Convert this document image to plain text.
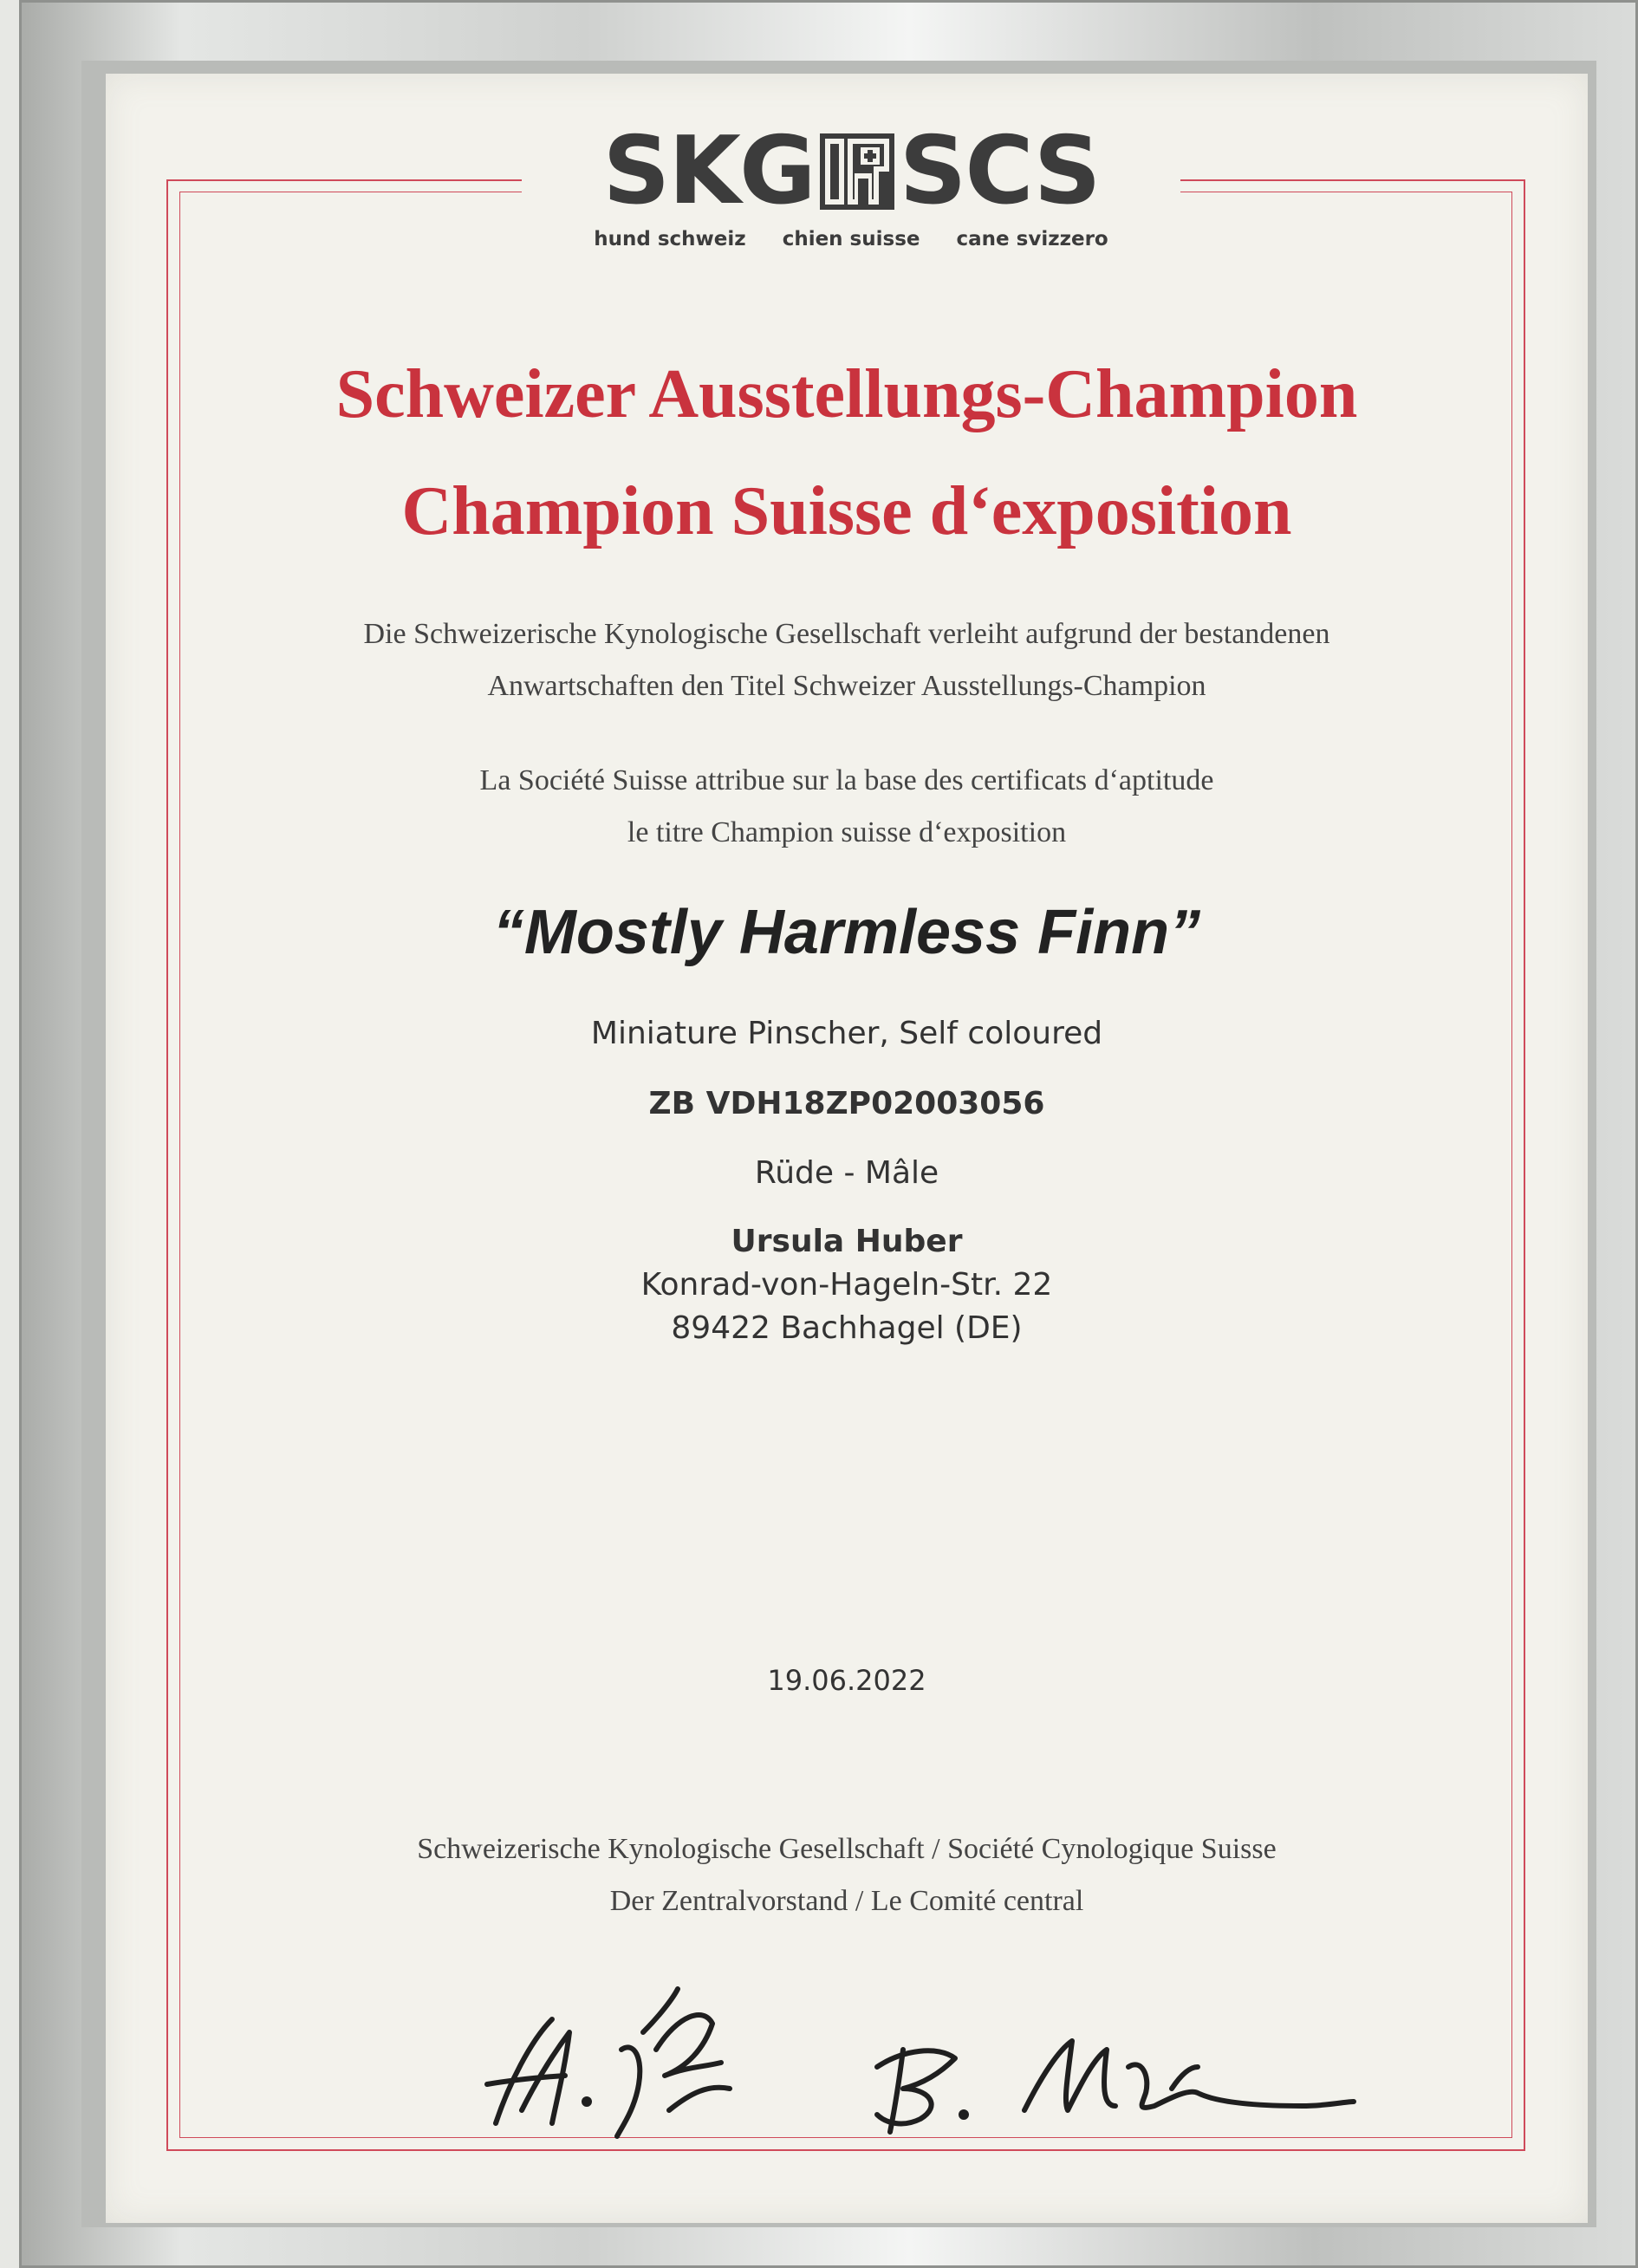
SKG SCS
hund schweiz chien suisse cane svizzero
Schweizer Ausstellungs-Champion
Champion Suisse d‘exposition
Die Schweizerische Kynologische Gesellschaft verleiht aufgrund der bestandenen
Anwartschaften den Titel Schweizer Ausstellungs-Champion
La Société Suisse attribue sur la base des certificats d‘aptitude
le titre Champion suisse d‘exposition
“Mostly Harmless Finn”
Miniature Pinscher, Self coloured
ZB VDH18ZP02003056
Rüde - Mâle
Ursula Huber
Konrad-von-Hageln-Str. 22
89422 Bachhagel (DE)
19.06.2022
Schweizerische Kynologische Gesellschaft / Société Cynologique Suisse
Der Zentralvorstand / Le Comité central
